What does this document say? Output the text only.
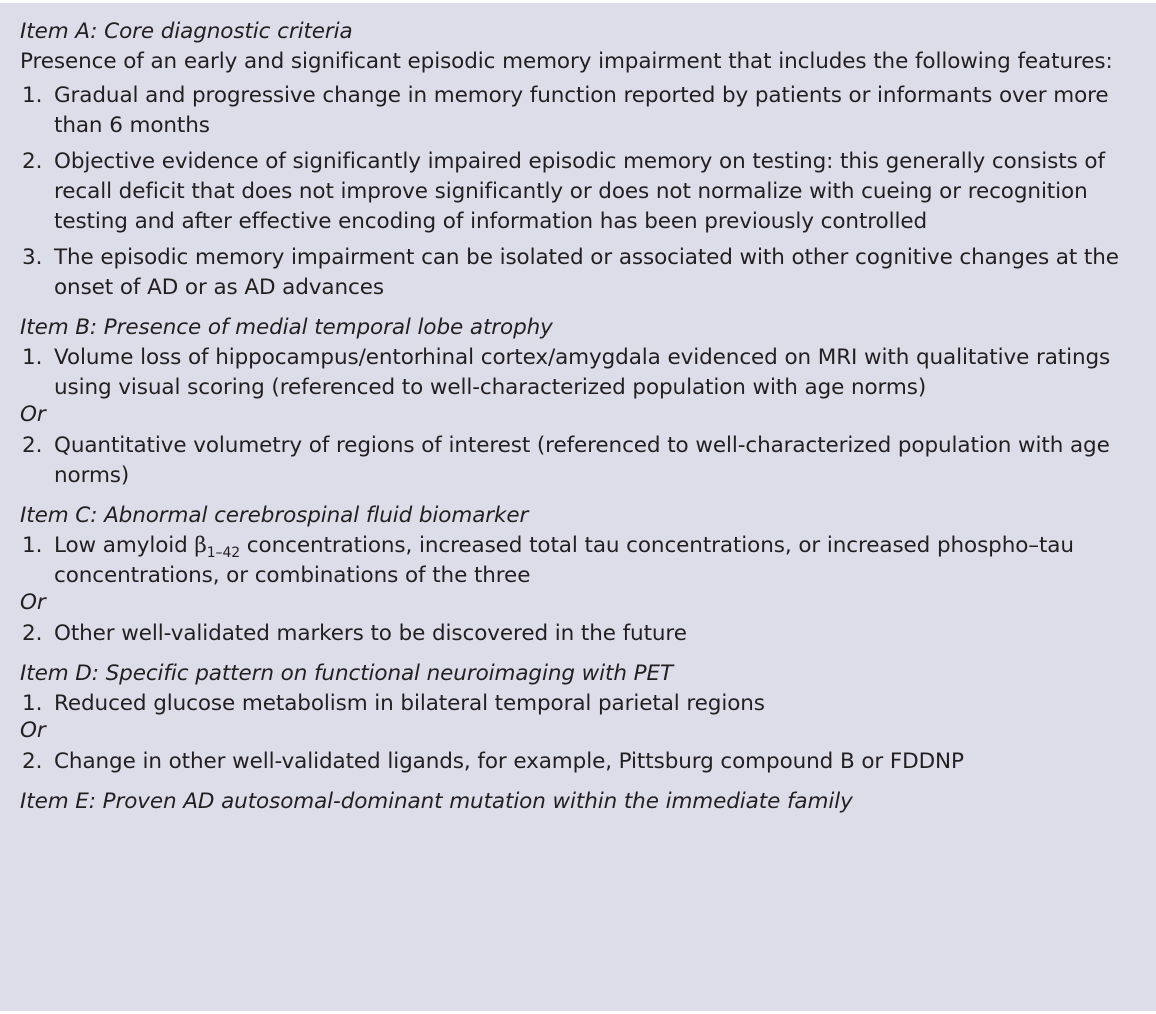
Item A: Core diagnostic criteria

Presence of an early and significant episodic memory impairment that includes the following features:

1. Gradual and progressive change in memory function reported by patients or informants over more than 6 months
2. Objective evidence of significantly impaired episodic memory on testing: this generally consists of recall deficit that does not improve significantly or does not normalize with cueing or recognition testing and after effective encoding of information has been previously controlled
3. The episodic memory impairment can be isolated or associated with other cognitive changes at the onset of AD or as AD advances

Item B: Presence of medial temporal lobe atrophy

1. Volume loss of hippocampus/entorhinal cortex/amygdala evidenced on MRI with qualitative ratings using visual scoring (referenced to well-characterized population with age norms)
Or
2. Quantitative volumetry of regions of interest (referenced to well-characterized population with age norms)

Item C: Abnormal cerebrospinal fluid biomarker

1. Low amyloid $\beta_{1-42}$ concentrations, increased total tau concentrations, or increased phospho–tau concentrations, or combinations of the three
Or
2. Other well-validated markers to be discovered in the future

Item D: Specific pattern on functional neuroimaging with PET

1. Reduced glucose metabolism in bilateral temporal parietal regions
Or
2. Change in other well-validated ligands, for example, Pittsburg compound B or FDDNP

Item E: Proven AD autosomal-dominant mutation within the immediate family
